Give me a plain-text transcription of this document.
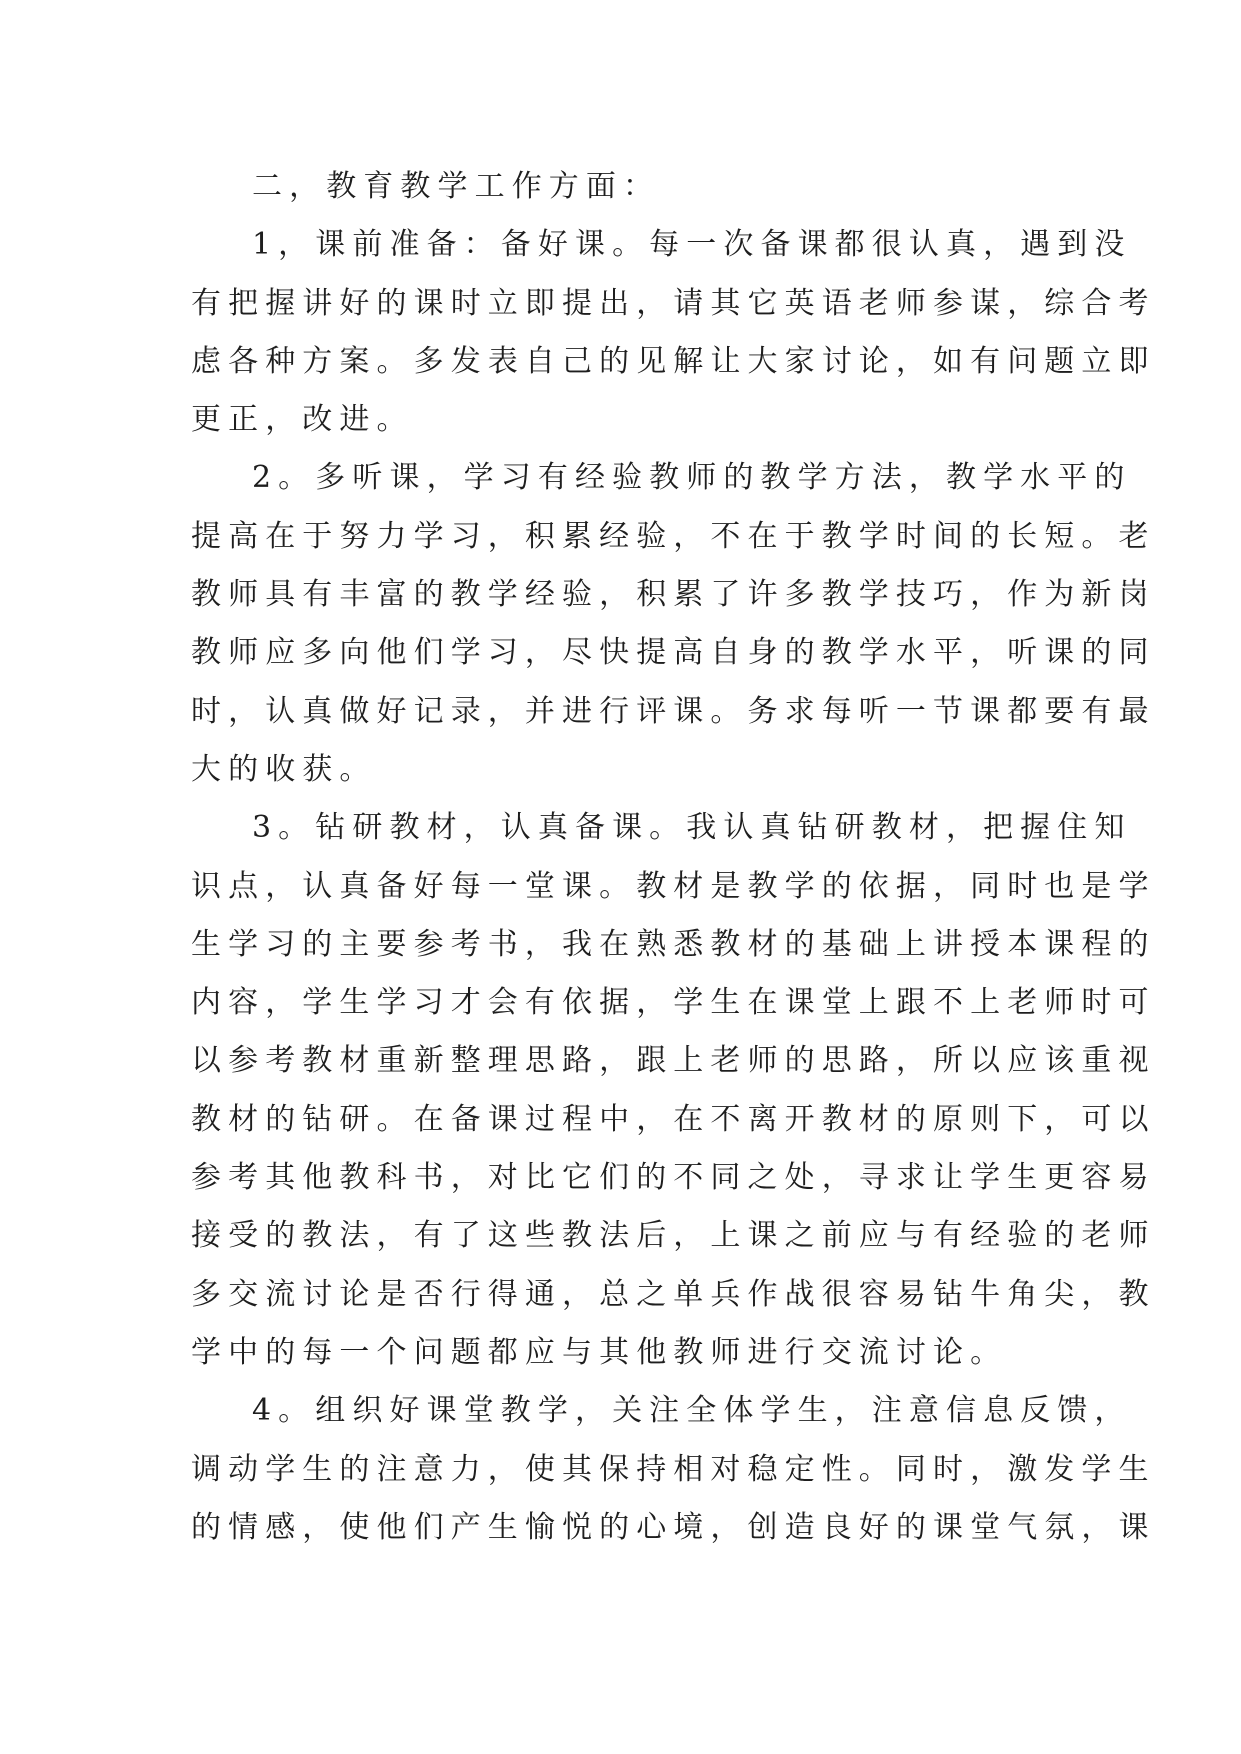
二，教育教学工作方面：
1，课前准备：备好课。每一次备课都很认真，遇到没
有把握讲好的课时立即提出，请其它英语老师参谋，综合考
虑各种方案。多发表自己的见解让大家讨论，如有问题立即
更正，改进。
2。多听课，学习有经验教师的教学方法，教学水平的
提高在于努力学习，积累经验，不在于教学时间的长短。老
教师具有丰富的教学经验，积累了许多教学技巧，作为新岗
教师应多向他们学习，尽快提高自身的教学水平，听课的同
时，认真做好记录，并进行评课。务求每听一节课都要有最
大的收获。
3。钻研教材，认真备课。我认真钻研教材，把握住知
识点，认真备好每一堂课。教材是教学的依据，同时也是学
生学习的主要参考书，我在熟悉教材的基础上讲授本课程的
内容，学生学习才会有依据，学生在课堂上跟不上老师时可
以参考教材重新整理思路，跟上老师的思路，所以应该重视
教材的钻研。在备课过程中，在不离开教材的原则下，可以
参考其他教科书，对比它们的不同之处，寻求让学生更容易
接受的教法，有了这些教法后，上课之前应与有经验的老师
多交流讨论是否行得通，总之单兵作战很容易钻牛角尖，教
学中的每一个问题都应与其他教师进行交流讨论。
4。组织好课堂教学，关注全体学生，注意信息反馈，
调动学生的注意力，使其保持相对稳定性。同时，激发学生
的情感，使他们产生愉悦的心境，创造良好的课堂气氛，课
